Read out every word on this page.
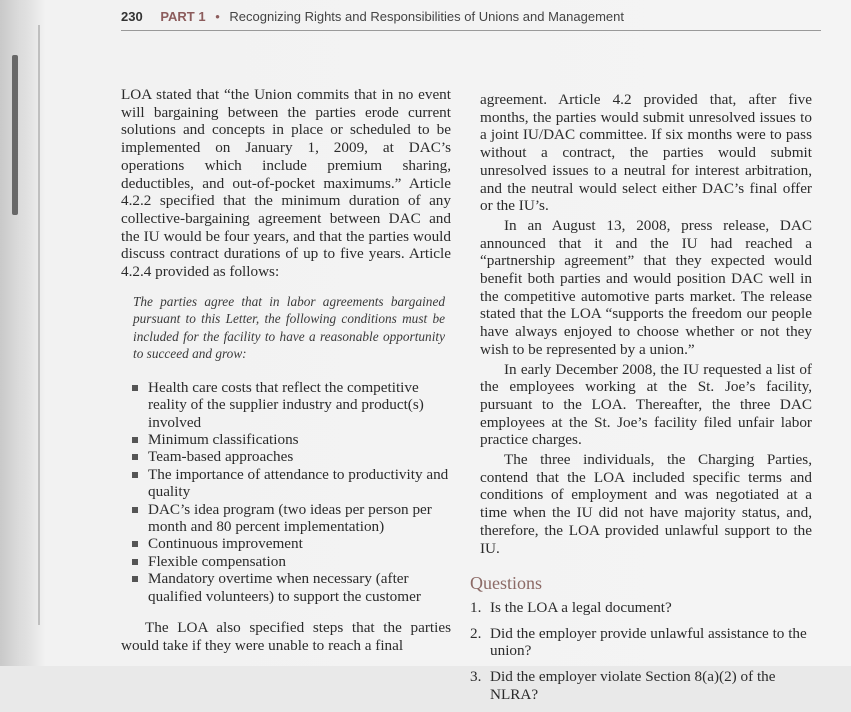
230 PART 1 • Recognizing Rights and Responsibilities of Unions and Management

LOA stated that “the Union commits that in no event will bargaining between the parties erode current solutions and concepts in place or scheduled to be implemented on January 1, 2009, at DAC’s operations which include premium sharing, deductibles, and out-of-pocket maximums.” Article 4.2.2 specified that the minimum duration of any collective-bargaining agreement between DAC and the IU would be four years, and that the parties would discuss contract durations of up to five years. Article 4.2.4 provided as follows:

The parties agree that in labor agreements bargained pursuant to this Letter, the following conditions must be included for the facility to have a reasonable opportunity to succeed and grow:

Health care costs that reflect the competitive reality of the supplier industry and product(s) involved
Minimum classifications
Team-based approaches
The importance of attendance to productivity and quality
DAC’s idea program (two ideas per person per month and 80 percent implementation)
Continuous improvement
Flexible compensation
Mandatory overtime when necessary (after qualified volunteers) to support the customer

The LOA also specified steps that the parties would take if they were unable to reach a final

agreement. Article 4.2 provided that, after five months, the parties would submit unresolved issues to a joint IU/DAC committee. If six months were to pass without a contract, the parties would submit unresolved issues to a neutral for interest arbitration, and the neutral would select either DAC’s final offer or the IU’s.

In an August 13, 2008, press release, DAC announced that it and the IU had reached a “partnership agreement” that they expected would benefit both parties and would position DAC well in the competitive automotive parts market. The release stated that the LOA “supports the freedom our people have always enjoyed to choose whether or not they wish to be represented by a union.”

In early December 2008, the IU requested a list of the employees working at the St. Joe’s facility, pursuant to the LOA. Thereafter, the three DAC employees at the St. Joe’s facility filed unfair labor practice charges.

The three individuals, the Charging Parties, contend that the LOA included specific terms and conditions of employment and was negotiated at a time when the IU did not have majority status, and, therefore, the LOA provided unlawful support to the IU.

Questions
1. Is the LOA a legal document?
2. Did the employer provide unlawful assistance to the union?
3. Did the employer violate Section 8(a)(2) of the NLRA?
